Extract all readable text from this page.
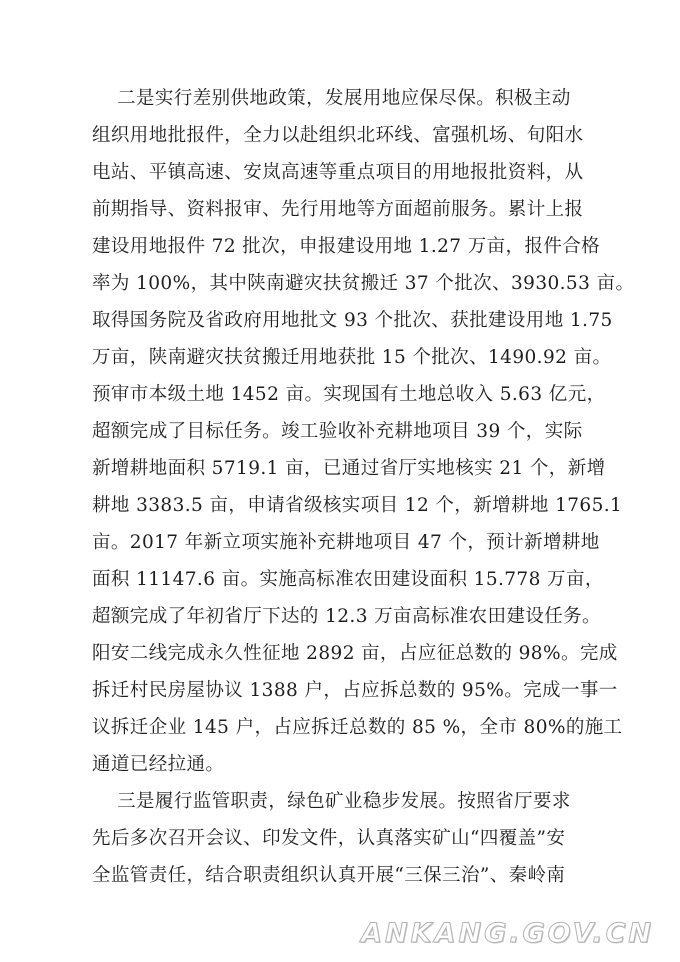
二是实行差别供地政策，发展用地应保尽保。积极主动
组织用地批报件，全力以赴组织北环线、富强机场、旬阳水
电站、平镇高速、安岚高速等重点项目的用地报批资料，从
前期指导、资料报审、先行用地等方面超前服务。累计上报
建设用地报件 72 批次，申报建设用地 1.27 万亩，报件合格
率为 100%，其中陕南避灾扶贫搬迁 37 个批次、3930.53 亩。
取得国务院及省政府用地批文 93 个批次、获批建设用地 1.75
万亩，陕南避灾扶贫搬迁用地获批 15 个批次、1490.92 亩。
预审市本级土地 1452 亩。实现国有土地总收入 5.63 亿元，
超额完成了目标任务。竣工验收补充耕地项目 39 个，实际
新增耕地面积 5719.1 亩，已通过省厅实地核实 21 个，新增
耕地 3383.5 亩，申请省级核实项目 12 个，新增耕地 1765.1
亩。2017 年新立项实施补充耕地项目 47 个，预计新增耕地
面积 11147.6 亩。实施高标准农田建设面积 15.778 万亩，
超额完成了年初省厅下达的 12.3 万亩高标准农田建设任务。
阳安二线完成永久性征地 2892 亩，占应征总数的 98%。完成
拆迁村民房屋协议 1388 户，占应拆总数的 95%。完成一事一
议拆迁企业 145 户，占应拆迁总数的 85 %，全市 80%的施工
通道已经拉通。
三是履行监管职责，绿色矿业稳步发展。按照省厅要求
先后多次召开会议、印发文件，认真落实矿山“四覆盖”安
全监管责任，结合职责组织认真开展“三保三治”、秦岭南
ANKANG.GOV.CN
